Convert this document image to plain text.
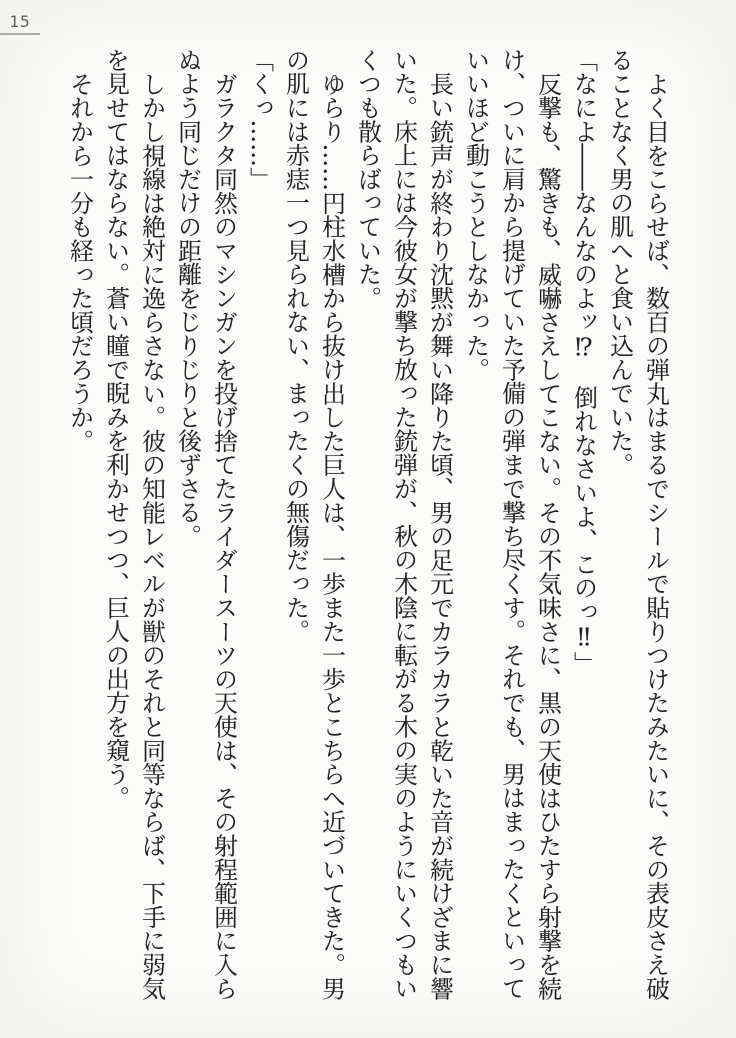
15

よく目をこらせば、数百の弾丸はまるでシールで貼りつけたみたいに、その表皮さえ破ることなく男の肌へと食い込んでいた。

「なによ――なんなのよッ⁉　倒れなさいよ、このっ‼」

反撃も、驚きも、威嚇さえしてこない。その不気味さに、黒の天使はひたすら射撃を続け、ついに肩から提げていた予備の弾まで撃ち尽くす。それでも、男はまったくといっていいほど動こうとしなかった。

長い銃声が終わり沈黙が舞い降りた頃、男の足元でカラカラと乾いた音が続けざまに響いた。床上には今彼女が撃ち放った銃弾が、秋の木陰に転がる木の実のようにいくつもいくつも散らばっていた。

ゆらり……円柱水槽から抜け出した巨人は、一歩また一歩とこちらへ近づいてきた。男の肌には赤痣一つ見られない、まったくの無傷だった。

「くっ……」

ガラクタ同然のマシンガンを投げ捨てたライダースーツの天使は、その射程範囲に入らぬよう同じだけの距離をじりじりと後ずさる。

しかし視線は絶対に逸らさない。彼の知能レベルが獣のそれと同等ならば、下手に弱気を見せてはならない。蒼い瞳で睨みを利かせつつ、巨人の出方を窺う。

それから一分も経った頃だろうか。
